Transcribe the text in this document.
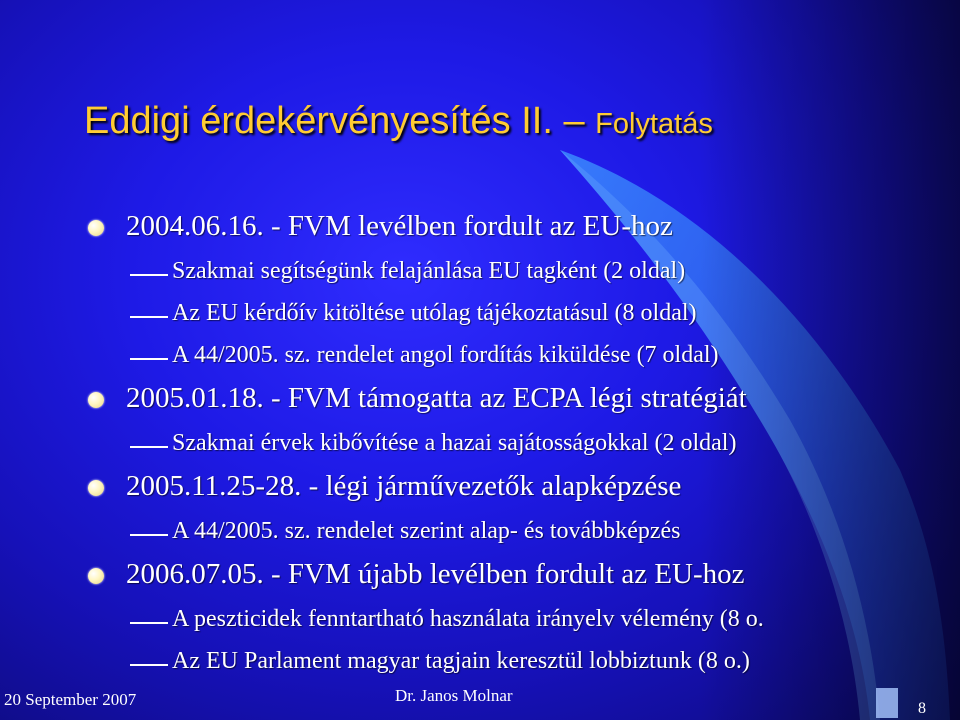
Eddigi érdekérvényesítés II. – Folytatás
2004.06.16. - FVM levélben fordult az EU-hoz
Szakmai segítségünk felajánlása EU tagként (2 oldal)
Az EU kérdőív kitöltése utólag tájékoztatásul (8 oldal)
A 44/2005. sz. rendelet angol fordítás kiküldése (7 oldal)
2005.01.18. - FVM támogatta az ECPA légi stratégiát
Szakmai érvek kibővítése a hazai sajátosságokkal (2 oldal)
2005.11.25-28. - légi járművezetők alapképzése
A 44/2005. sz. rendelet szerint alap- és továbbképzés
2006.07.05. - FVM újabb levélben fordult az EU-hoz
A peszticidek fenntartható használata irányelv vélemény (8 o.
Az EU Parlament magyar tagjain keresztül lobbiztunk (8 o.)
20 September 2007	Dr. Janos Molnar
8
